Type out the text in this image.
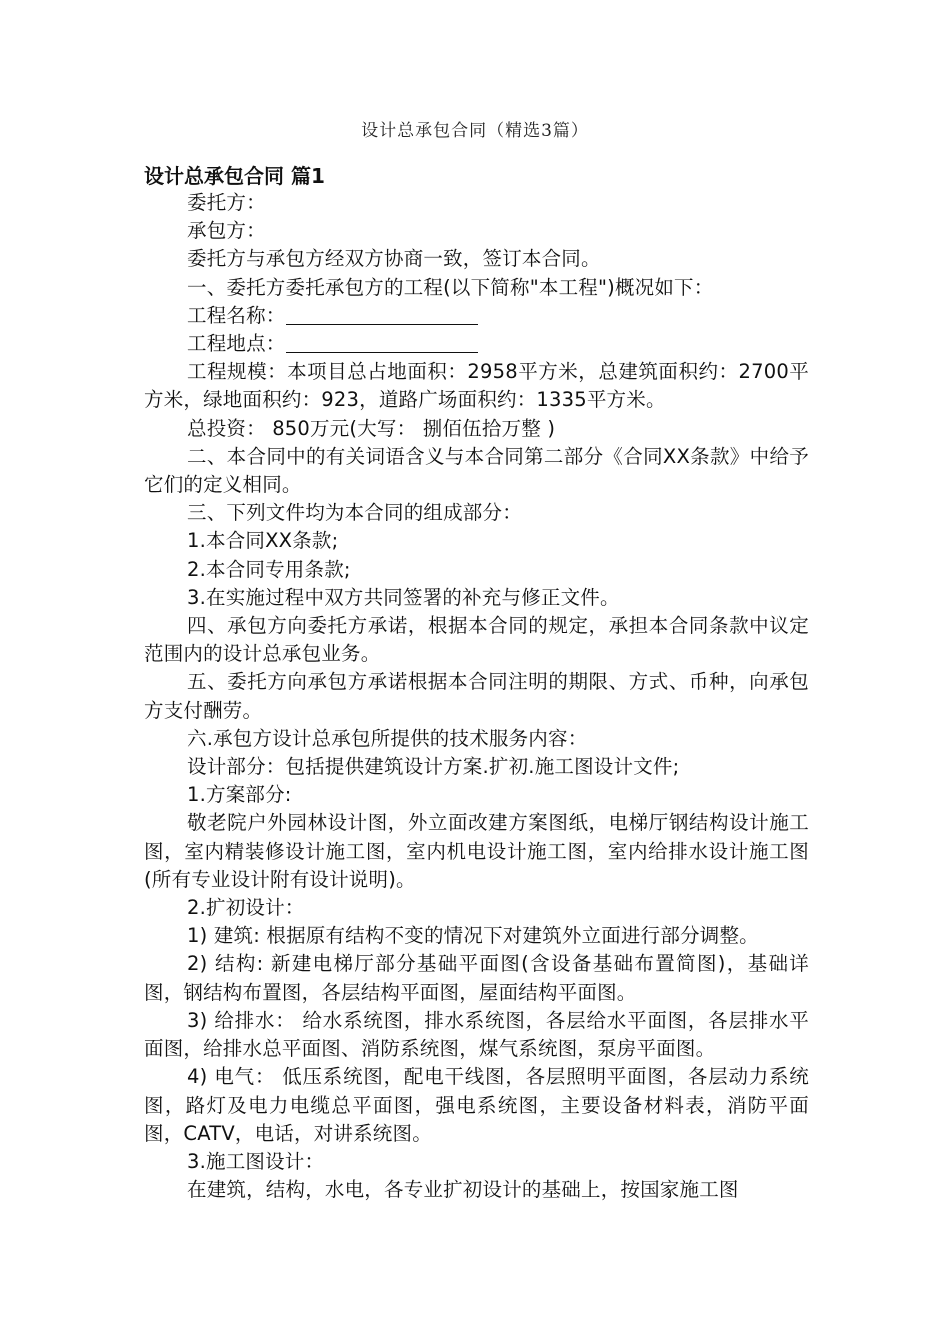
设计总承包合同（精选3篇）
设计总承包合同 篇1

委托方：

承包方：

委托方与承包方经双方协商一致，签订本合同。

一、委托方委托承包方的工程(以下简称"本工程")概况如下：

工程名称：

工程地点：

工程规模：本项目总占地面积：2958平方米，总建筑面积约：2700平方米，绿地面积约：923，道路广场面积约：1335平方米。

总投资： 850万元(大写： 捌佰伍拾万整 )

二、本合同中的有关词语含义与本合同第二部分《合同XX条款》中给予它们的定义相同。

三、下列文件均为本合同的组成部分：

1.本合同XX条款;

2.本合同专用条款;

3.在实施过程中双方共同签署的补充与修正文件。

四、承包方向委托方承诺，根据本合同的规定，承担本合同条款中议定范围内的设计总承包业务。

五、委托方向承包方承诺根据本合同注明的期限、方式、币种，向承包方支付酬劳。

六.承包方设计总承包所提供的技术服务内容：

设计部分：包括提供建筑设计方案.扩初.施工图设计文件;

1.方案部分:

敬老院户外园林设计图，外立面改建方案图纸，电梯厅钢结构设计施工图，室内精装修设计施工图，室内机电设计施工图，室内给排水设计施工图(所有专业设计附有设计说明)。

2.扩初设计：

1) 建筑: 根据原有结构不变的情况下对建筑外立面进行部分调整。

2) 结构: 新建电梯厅部分基础平面图(含设备基础布置简图)，基础详图，钢结构布置图，各层结构平面图，屋面结构平面图。

3) 给排水： 给水系统图，排水系统图，各层给水平面图，各层排水平面图，给排水总平面图、消防系统图，煤气系统图，泵房平面图。

4) 电气： 低压系统图，配电干线图，各层照明平面图，各层动力系统图，路灯及电力电缆总平面图，强电系统图，主要设备材料表，消防平面图，CATV，电话，对讲系统图。

3.施工图设计：

在建筑，结构，水电，各专业扩初设计的基础上，按国家施工图
